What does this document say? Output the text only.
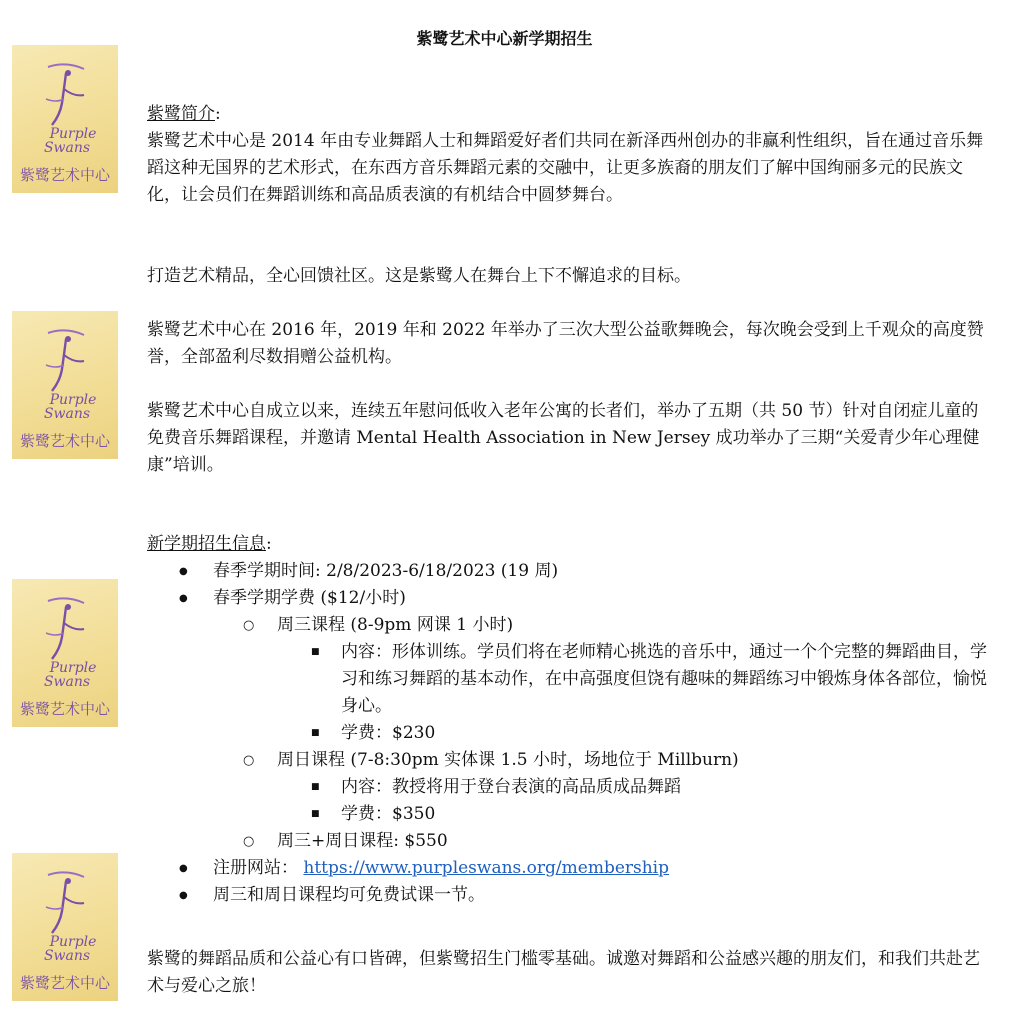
紫鹭艺术中心新学期招生
Purple
Swans
紫鹭艺术中心
Purple
Swans
紫鹭艺术中心
Purple
Swans
紫鹭艺术中心
Purple
Swans
紫鹭艺术中心

紫鹭简介:

紫鹭艺术中心是 2014 年由专业舞蹈人士和舞蹈爱好者们共同在新泽西州创办的非赢利性组织，旨在通过音乐舞蹈这种无国界的艺术形式，在东西方音乐舞蹈元素的交融中，让更多族裔的朋友们了解中国绚丽多元的民族文化，让会员们在舞蹈训练和高品质表演的有机结合中圆梦舞台。

打造艺术精品，全心回馈社区。这是紫鹭人在舞台上下不懈追求的目标。

紫鹭艺术中心在 2016 年，2019 年和 2022 年举办了三次大型公益歌舞晚会，每次晚会受到上千观众的高度赞誉，全部盈利尽数捐赠公益机构。

紫鹭艺术中心自成立以来，连续五年慰问低收入老年公寓的长者们，举办了五期（共 50 节）针对自闭症儿童的免费音乐舞蹈课程，并邀请 Mental Health Association in New Jersey 成功举办了三期“关爱青少年心理健康”培训。

新学期招生信息:

● 春季学期时间: 2/8/2023-6/18/2023 (19 周)
● 春季学期学费 ($12/小时)
○ 周三课程 (8-9pm 网课 1 小时)
■ 内容：形体训练。学员们将在老师精心挑选的音乐中，通过一个个完整的舞蹈曲目，学习和练习舞蹈的基本动作，在中高强度但饶有趣味的舞蹈练习中锻炼身体各部位，愉悦身心。
■ 学费：$230
○ 周日课程 (7-8:30pm 实体课 1.5 小时，场地位于 Millburn)
■ 内容：教授将用于登台表演的高品质成品舞蹈
■ 学费：$350
○ 周三+周日课程: $550
● 注册网站： https://www.purpleswans.org/membership
● 周三和周日课程均可免费试课一节。

紫鹭的舞蹈品质和公益心有口皆碑，但紫鹭招生门槛零基础。诚邀对舞蹈和公益感兴趣的朋友们，和我们共赴艺术与爱心之旅！
